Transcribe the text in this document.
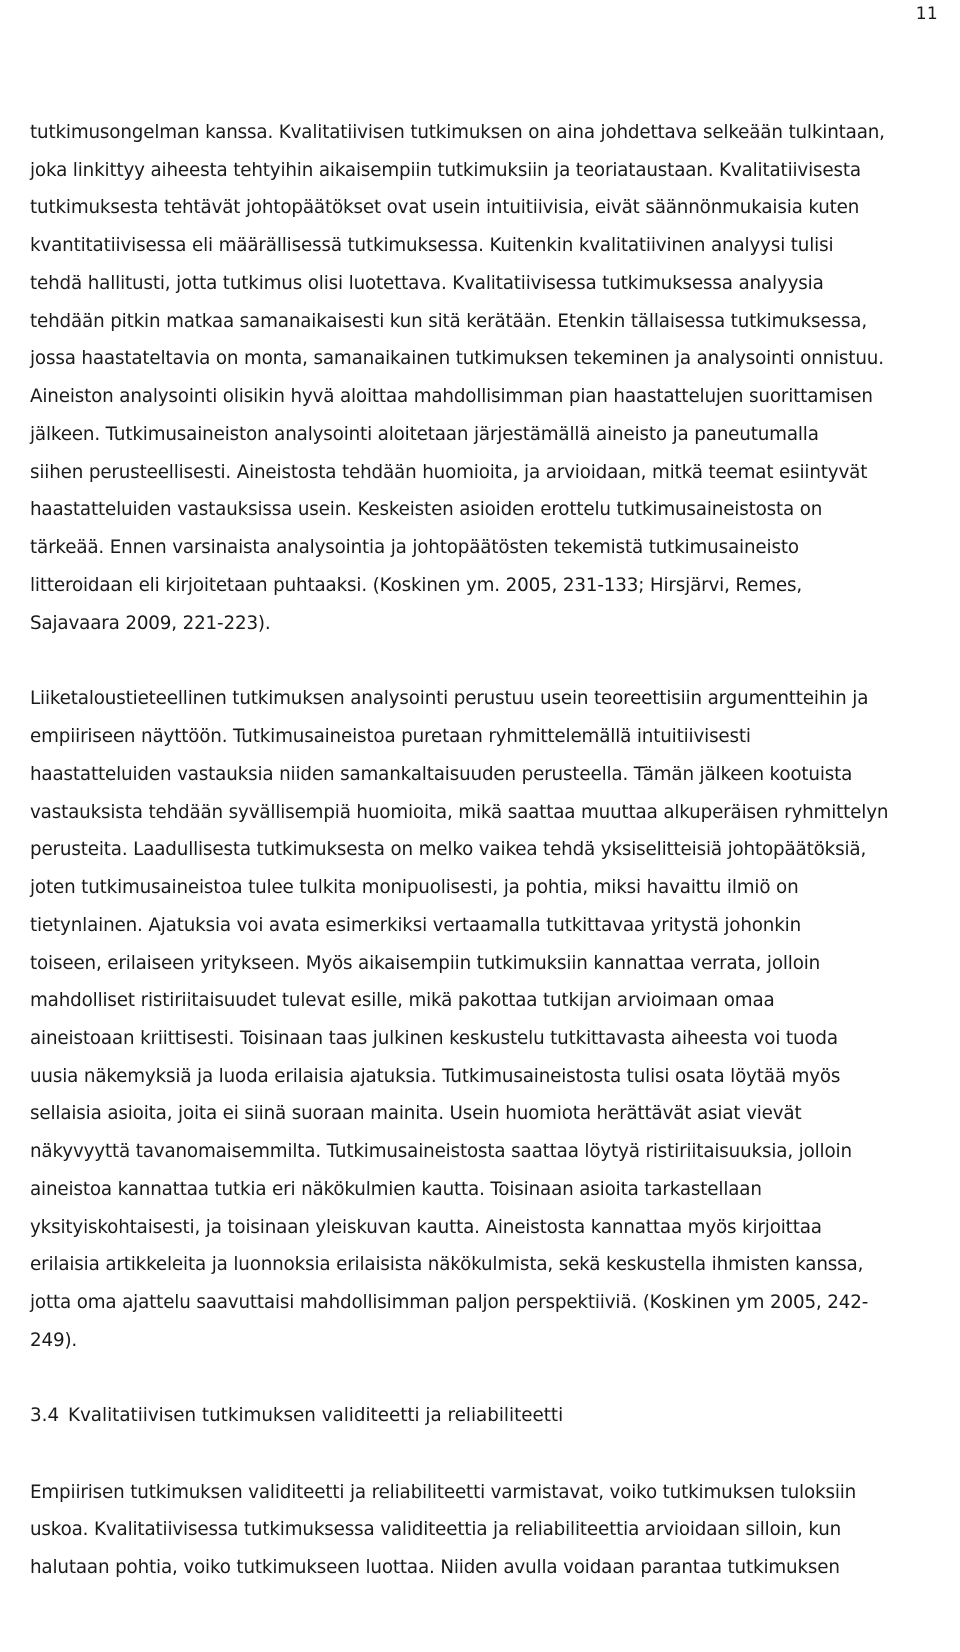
11
tutkimusongelman kanssa. Kvalitatiivisen tutkimuksen on aina johdettava selkeään tulkintaan,
joka linkittyy aiheesta tehtyihin aikaisempiin tutkimuksiin ja teoriataustaan. Kvalitatiivisesta
tutkimuksesta tehtävät johtopäätökset ovat usein intuitiivisia, eivät säännönmukaisia kuten
kvantitatiivisessa eli määrällisessä tutkimuksessa. Kuitenkin kvalitatiivinen analyysi tulisi
tehdä hallitusti, jotta tutkimus olisi luotettava. Kvalitatiivisessa tutkimuksessa analyysia
tehdään pitkin matkaa samanaikaisesti kun sitä kerätään. Etenkin tällaisessa tutkimuksessa,
jossa haastateltavia on monta, samanaikainen tutkimuksen tekeminen ja analysointi onnistuu.
Aineiston analysointi olisikin hyvä aloittaa mahdollisimman pian haastattelujen suorittamisen
jälkeen. Tutkimusaineiston analysointi aloitetaan järjestämällä aineisto ja paneutumalla
siihen perusteellisesti. Aineistosta tehdään huomioita, ja arvioidaan, mitkä teemat esiintyvät
haastatteluiden vastauksissa usein. Keskeisten asioiden erottelu tutkimusaineistosta on
tärkeää. Ennen varsinaista analysointia ja johtopäätösten tekemistä tutkimusaineisto
litteroidaan eli kirjoitetaan puhtaaksi. (Koskinen ym. 2005, 231-133; Hirsjärvi, Remes,
Sajavaara 2009, 221-223).
Liiketaloustieteellinen tutkimuksen analysointi perustuu usein teoreettisiin argumentteihin ja
empiiriseen näyttöön. Tutkimusaineistoa puretaan ryhmittelemällä intuitiivisesti
haastatteluiden vastauksia niiden samankaltaisuuden perusteella. Tämän jälkeen kootuista
vastauksista tehdään syvällisempiä huomioita, mikä saattaa muuttaa alkuperäisen ryhmittelyn
perusteita. Laadullisesta tutkimuksesta on melko vaikea tehdä yksiselitteisiä johtopäätöksiä,
joten tutkimusaineistoa tulee tulkita monipuolisesti, ja pohtia, miksi havaittu ilmiö on
tietynlainen. Ajatuksia voi avata esimerkiksi vertaamalla tutkittavaa yritystä johonkin
toiseen, erilaiseen yritykseen. Myös aikaisempiin tutkimuksiin kannattaa verrata, jolloin
mahdolliset ristiriitaisuudet tulevat esille, mikä pakottaa tutkijan arvioimaan omaa
aineistoaan kriittisesti. Toisinaan taas julkinen keskustelu tutkittavasta aiheesta voi tuoda
uusia näkemyksiä ja luoda erilaisia ajatuksia. Tutkimusaineistosta tulisi osata löytää myös
sellaisia asioita, joita ei siinä suoraan mainita. Usein huomiota herättävät asiat vievät
näkyvyyttä tavanomaisemmilta. Tutkimusaineistosta saattaa löytyä ristiriitaisuuksia, jolloin
aineistoa kannattaa tutkia eri näkökulmien kautta. Toisinaan asioita tarkastellaan
yksityiskohtaisesti, ja toisinaan yleiskuvan kautta. Aineistosta kannattaa myös kirjoittaa
erilaisia artikkeleita ja luonnoksia erilaisista näkökulmista, sekä keskustella ihmisten kanssa,
jotta oma ajattelu saavuttaisi mahdollisimman paljon perspektiiviä. (Koskinen ym 2005, 242-
249).
3.4 Kvalitatiivisen tutkimuksen validiteetti ja reliabiliteetti
Empiirisen tutkimuksen validiteetti ja reliabiliteetti varmistavat, voiko tutkimuksen tuloksiin
uskoa. Kvalitatiivisessa tutkimuksessa validiteettia ja reliabiliteettia arvioidaan silloin, kun
halutaan pohtia, voiko tutkimukseen luottaa. Niiden avulla voidaan parantaa tutkimuksen
